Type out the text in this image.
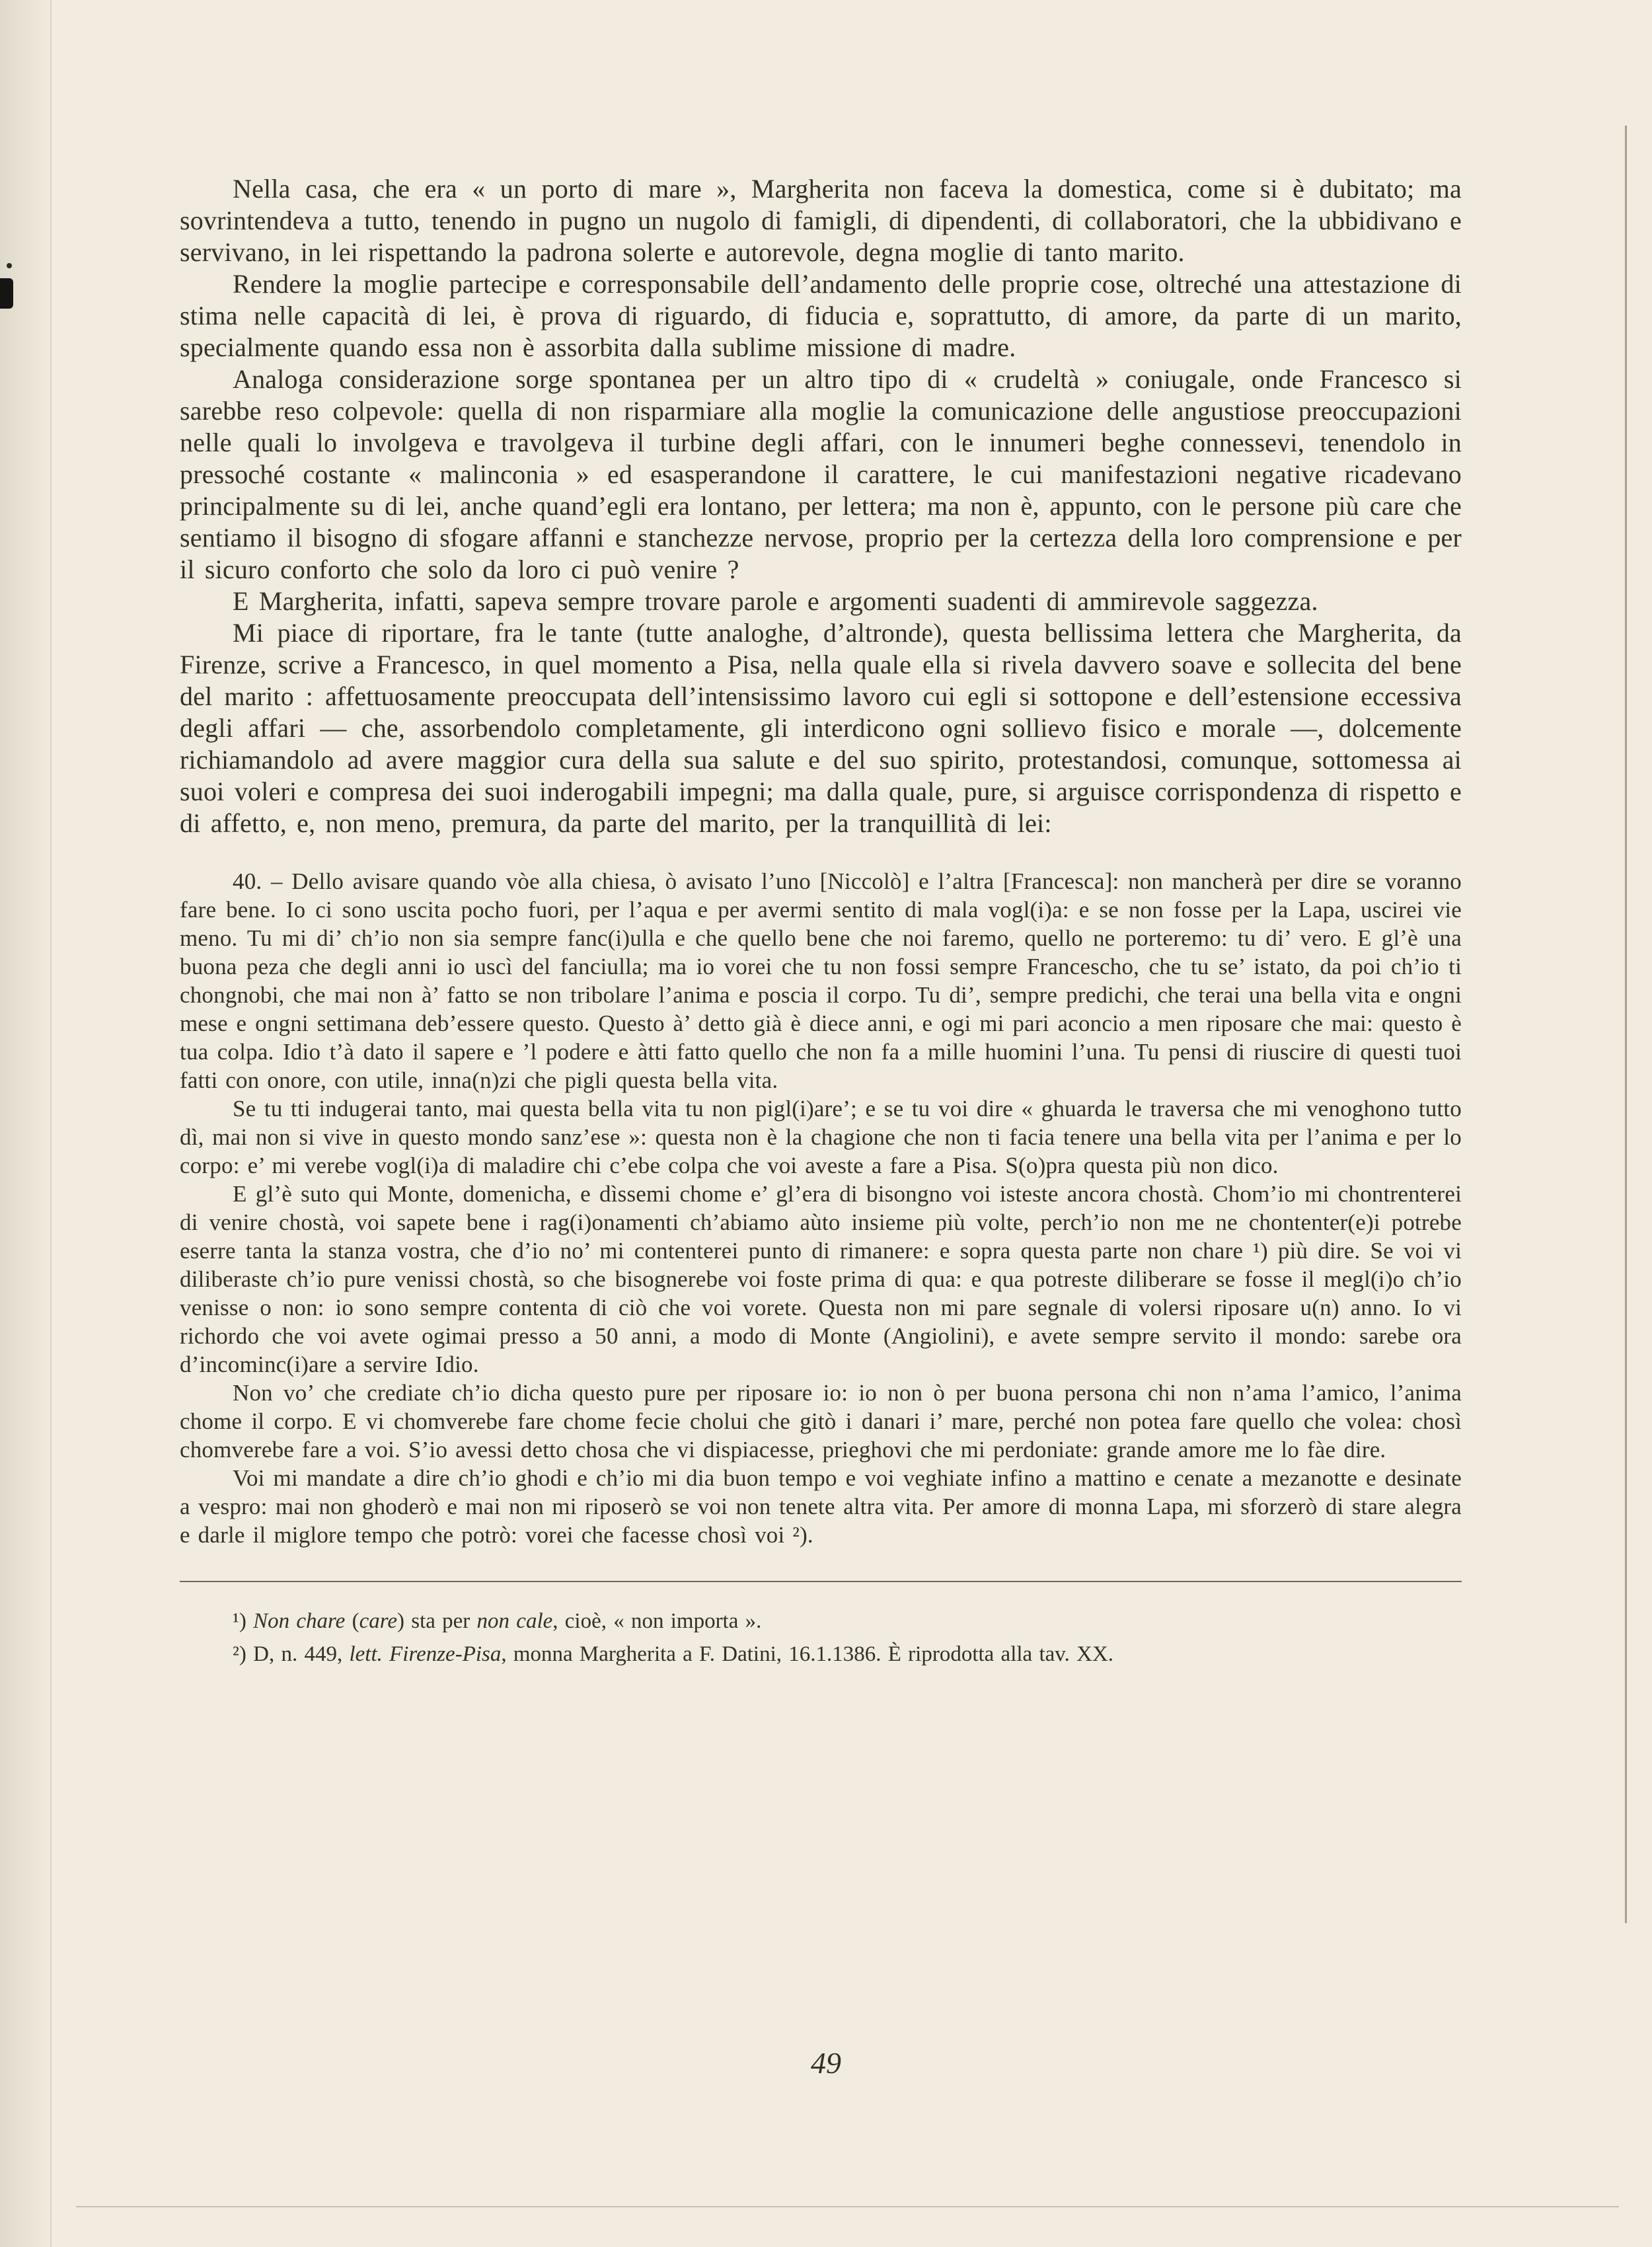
Nella casa, che era « un porto di mare », Margherita non faceva la domestica, come si è dubitato; ma sovrintendeva a tutto, tenendo in pugno un nugolo di famigli, di dipendenti, di collaboratori, che la ubbidivano e servivano, in lei rispettando la padrona solerte e autorevole, degna moglie di tanto marito.

Rendere la moglie partecipe e corresponsabile dell’andamento delle proprie cose, oltreché una attestazione di stima nelle capacità di lei, è prova di riguardo, di fiducia e, soprattutto, di amore, da parte di un marito, specialmente quando essa non è assorbita dalla sublime missione di madre.

Analoga considerazione sorge spontanea per un altro tipo di « crudeltà » coniugale, onde Francesco si sarebbe reso colpevole: quella di non risparmiare alla moglie la comunicazione delle angustiose preoccupazioni nelle quali lo involgeva e travolgeva il turbine degli affari, con le innumeri beghe connessevi, tenendolo in pressoché costante « malinconia » ed esasperandone il carattere, le cui manifestazioni negative ricadevano principalmente su di lei, anche quand’egli era lontano, per lettera; ma non è, appunto, con le persone più care che sentiamo il bisogno di sfogare affanni e stanchezze nervose, proprio per la certezza della loro comprensione e per il sicuro conforto che solo da loro ci può venire ?

E Margherita, infatti, sapeva sempre trovare parole e argomenti suadenti di ammirevole saggezza.

Mi piace di riportare, fra le tante (tutte analoghe, d’altronde), questa bellissima lettera che Margherita, da Firenze, scrive a Francesco, in quel momento a Pisa, nella quale ella si rivela davvero soave e sollecita del bene del marito : affettuosamente preoccupata dell’intensissimo lavoro cui egli si sottopone e dell’estensione eccessiva degli affari — che, assorbendolo completamente, gli interdicono ogni sollievo fisico e morale —, dolcemente richiamandolo ad avere maggior cura della sua salute e del suo spirito, protestandosi, comunque, sottomessa ai suoi voleri e compresa dei suoi inderogabili impegni; ma dalla quale, pure, si arguisce corrispondenza di rispetto e di affetto, e, non meno, premura, da parte del marito, per la tranquillità di lei:

40. – Dello avisare quando vòe alla chiesa, ò avisato l’uno [Niccolò] e l’altra [Francesca]: non mancherà per dire se voranno fare bene. Io ci sono uscita pocho fuori, per l’aqua e per avermi sentito di mala vogl(i)a: e se non fosse per la Lapa, uscirei vie meno. Tu mi di’ ch’io non sia sempre fanc(i)ulla e che quello bene che noi faremo, quello ne porteremo: tu di’ vero. E gl’è una buona peza che degli anni io uscì del fanciulla; ma io vorei che tu non fossi sempre Francescho, che tu se’ istato, da poi ch’io ti chongnobi, che mai non à’ fatto se non tribolare l’anima e poscia il corpo. Tu di’, sempre predichi, che terai una bella vita e ongni mese e ongni settimana deb’essere questo. Questo à’ detto già è diece anni, e ogi mi pari aconcio a men riposare che mai: questo è tua colpa. Idio t’à dato il sapere e ’l podere e àtti fatto quello che non fa a mille huomini l’una. Tu pensi di riuscire di questi tuoi fatti con onore, con utile, inna(n)zi che pigli questa bella vita.

Se tu tti indugerai tanto, mai questa bella vita tu non pigl(i)are’; e se tu voi dire « ghuarda le traversa che mi venoghono tutto dì, mai non si vive in questo mondo sanz’ese »: questa non è la chagione che non ti facia tenere una bella vita per l’anima e per lo corpo: e’ mi verebe vogl(i)a di maladire chi c’ebe colpa che voi aveste a fare a Pisa. S(o)pra questa più non dico.

E gl’è suto qui Monte, domenicha, e dìssemi chome e’ gl’era di bisongno voi isteste ancora chostà. Chom’io mi chontrenterei di venire chostà, voi sapete bene i rag(i)onamenti ch’abiamo aùto insieme più volte, perch’io non me ne chontenter(e)i potrebe eserre tanta la stanza vostra, che d’io no’ mi contenterei punto di rimanere: e sopra questa parte non chare ¹) più dire. Se voi vi diliberaste ch’io pure venissi chostà, so che bisognerebe voi foste prima di qua: e qua potreste diliberare se fosse il megl(i)o ch’io venisse o non: io sono sempre contenta di ciò che voi vorete. Questa non mi pare segnale di volersi riposare u(n) anno. Io vi richordo che voi avete ogimai presso a 50 anni, a modo di Monte (Angiolini), e avete sempre servito il mondo: sarebe ora d’incominc(i)are a servire Idio.

Non vo’ che crediate ch’io dicha questo pure per riposare io: io non ò per buona persona chi non n’ama l’amico, l’anima chome il corpo. E vi chomverebe fare chome fecie cholui che gitò i danari i’ mare, perché non potea fare quello che volea: chosì chomverebe fare a voi. S’io avessi detto chosa che vi dispiacesse, prieghovi che mi perdoniate: grande amore me lo fàe dire.

Voi mi mandate a dire ch’io ghodi e ch’io mi dia buon tempo e voi veghiate infino a mattino e cenate a mezanotte e desinate a vespro: mai non ghoderò e mai non mi riposerò se voi non tenete altra vita. Per amore di monna Lapa, mi sforzerò di stare alegra e darle il miglore tempo che potrò: vorei che facesse chosì voi ²).

¹) Non chare (care) sta per non cale, cioè, « non importa ».

²) D, n. 449, lett. Firenze-Pisa, monna Margherita a F. Datini, 16.1.1386. È riprodotta alla tav. XX.

49
